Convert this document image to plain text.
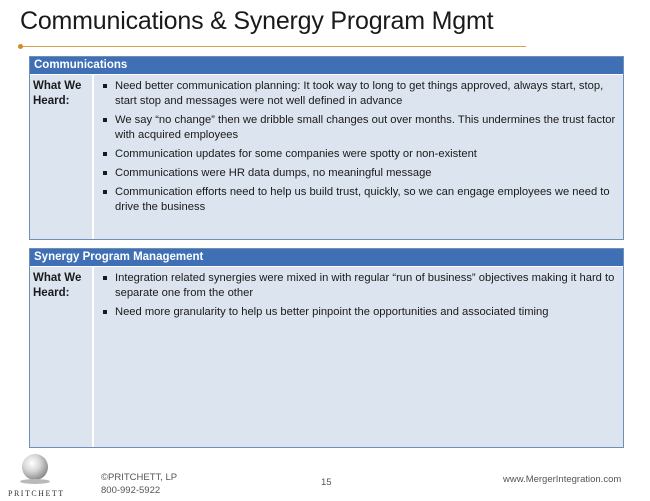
Communications & Synergy Program Mgmt
Communications
What We
Heard:
Need better communication planning: It took way to long to get things approved, always start, stop, start stop and messages were not well defined in advance
We say “no change” then we dribble small changes out over months. This undermines the trust factor with acquired employees
Communication updates for some companies were spotty or non-existent
Communications were HR data dumps, no meaningful message
Communication efforts need to help us build trust, quickly, so we can engage employees we need to drive the business
Synergy Program Management
What We
Heard:
Integration related synergies were mixed in with regular “run of business” objectives making it hard to separate one from the other
Need more granularity to help us better pinpoint the opportunities and associated timing
PRITCHETT
©PRITCHETT, LP
800-992-5922
15	www.MergerIntegration.com
